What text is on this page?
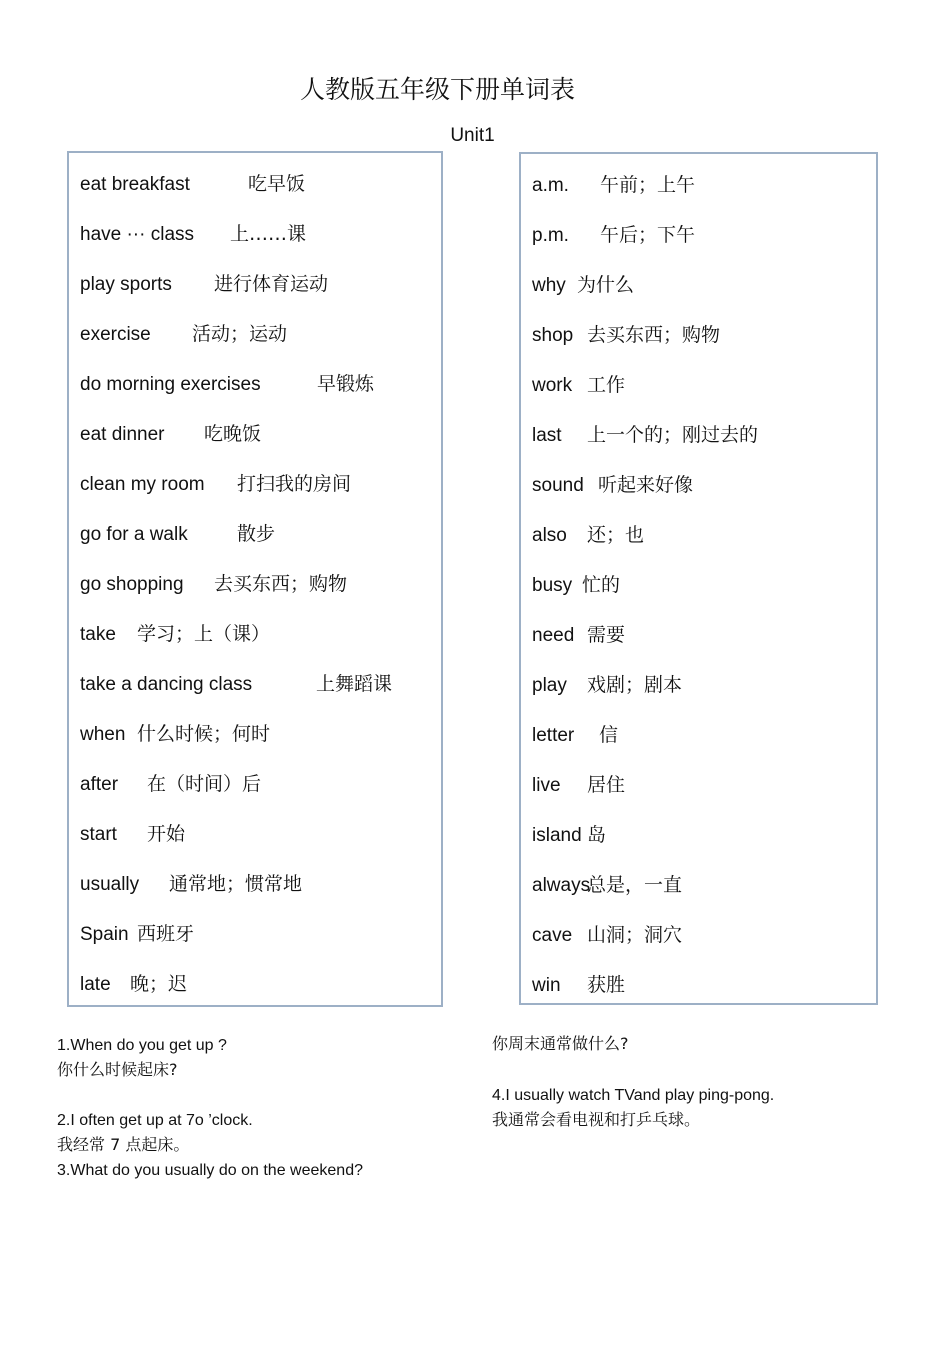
人教版五年级下册单词表
Unit1
eat breakfast	吃早饭
have ··· class 上……课
play sports 进行体育运动
exercise 活动；运动
do morning exercises	早锻炼
eat dinner 吃晚饭
clean my room 打扫我的房间
go for a walk	散步
go shopping 去买东西；购物
take 学习；上（课）
take a dancing class	上舞蹈课
when 什么时候；何时
after 在（时间）后
start 开始
usually 通常地；惯常地
Spain 西班牙
late 晚；迟
a.m. 午前；上午
p.m. 午后；下午
why 为什么
shop 去买东西；购物
work 工作
last 上一个的；刚过去的
sound 听起来好像
also 还；也
busy 忙的
need 需要
play 戏剧；剧本
letter 信
live 居住
island 岛
always总是，一直
cave 山洞；洞穴
win 获胜
1.When do you get up ?
你什么时候起床?
2.I often get up at 7o ’clock.
我经常 7 点起床。
3.What do you usually do on the weekend?
你周末通常做什么?
4.I usually watch TVand play ping-pong.
我通常会看电视和打乒乓球。
